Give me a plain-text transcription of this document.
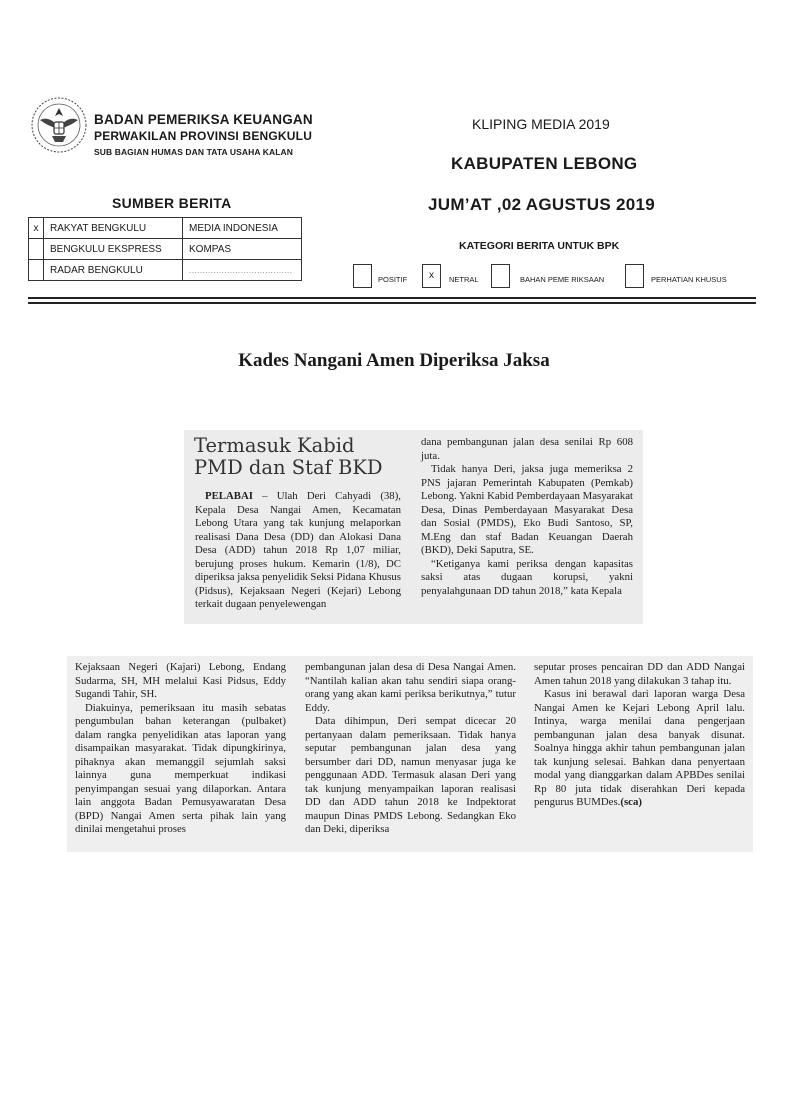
BADAN PEMERIKSA KEUANGAN
PERWAKILAN PROVINSI BENGKULU
SUB BAGIAN HUMAS DAN TATA USAHA KALAN
KLIPING MEDIA 2019
KABUPATEN LEBONG
JUM’AT ,02 AGUSTUS 2019
SUMBER BERITA
KATEGORI BERITA UNTUK BPK
x	RAKYAT BENGKULU	MEDIA INDONESIA
	BENGKULU EKSPRESS	KOMPAS
	RADAR BENGKULU	......................................
POSITIF	x	NETRAL	BAHAN PEME RIKSAAN	PERHATIAN KHUSUS
Kades Nangani Amen Diperiksa Jaksa
Termasuk Kabid
PMD dan Staf BKD

PELABAI – Ulah Deri Cahyadi (38), Kepala Desa Nangai Amen, Kecamatan Lebong Utara yang tak kunjung melaporkan realisasi Dana Desa (DD) dan Alokasi Dana Desa (ADD) tahun 2018 Rp 1,07 miliar, berujung proses hukum. Kemarin (1/8), DC diperiksa jaksa penyelidik Seksi Pidana Khusus (Pidsus), Kejaksaan Negeri (Kejari) Lebong terkait dugaan penyelewengan

dana pembangunan jalan desa senilai Rp 608 juta.

Tidak hanya Deri, jaksa juga memeriksa 2 PNS jajaran Pemerintah Kabupaten (Pemkab) Lebong. Yakni Kabid Pemberdayaan Masyarakat Desa, Dinas Pemberdayaan Masyarakat Desa dan Sosial (PMDS), Eko Budi Santoso, SP, M.Eng dan staf Badan Keuangan Daerah (BKD), Deki Saputra, SE.

“Ketiganya kami periksa dengan kapasitas saksi atas dugaan korupsi, yakni penyalahgunaan DD tahun 2018,” kata Kepala

Kejaksaan Negeri (Kajari) Lebong, Endang Sudarma, SH, MH melalui Kasi Pidsus, Eddy Sugandi Tahir, SH.

Diakuinya, pemeriksaan itu masih sebatas pengumbulan bahan keterangan (pulbaket) dalam rangka penyelidikan atas laporan yang disampaikan masyarakat. Tidak dipungkirinya, pihaknya akan memanggil sejumlah saksi lainnya guna memperkuat indikasi penyimpangan sesuai yang dilaporkan. Antara lain anggota Badan Pemusyawaratan Desa (BPD) Nangai Amen serta pihak lain yang dinilai mengetahui proses

pembangunan jalan desa di Desa Nangai Amen. “Nantilah kalian akan tahu sendiri siapa orang-orang yang akan kami periksa berikutnya,” tutur Eddy.

Data dihimpun, Deri sempat dicecar 20 pertanyaan dalam pemeriksaan. Tidak hanya seputar pembangunan jalan desa yang bersumber dari DD, namun menyasar juga ke penggunaan ADD. Termasuk alasan Deri yang tak kunjung menyampaikan laporan realisasi DD dan ADD tahun 2018 ke Indpektorat maupun Dinas PMDS Lebong. Sedangkan Eko dan Deki, diperiksa

seputar proses pencairan DD dan ADD Nangai Amen tahun 2018 yang dilakukan 3 tahap itu.

Kasus ini berawal dari laporan warga Desa Nangai Amen ke Kejari Lebong April lalu. Intinya, warga menilai dana pengerjaan pembangunan jalan desa banyak disunat. Soalnya hingga akhir tahun pembangunan jalan tak kunjung selesai. Bahkan dana penyertaan modal yang dianggarkan dalam APBDes senilai Rp 80 juta tidak diserahkan Deri kepada pengurus BUMDes.(sca)
